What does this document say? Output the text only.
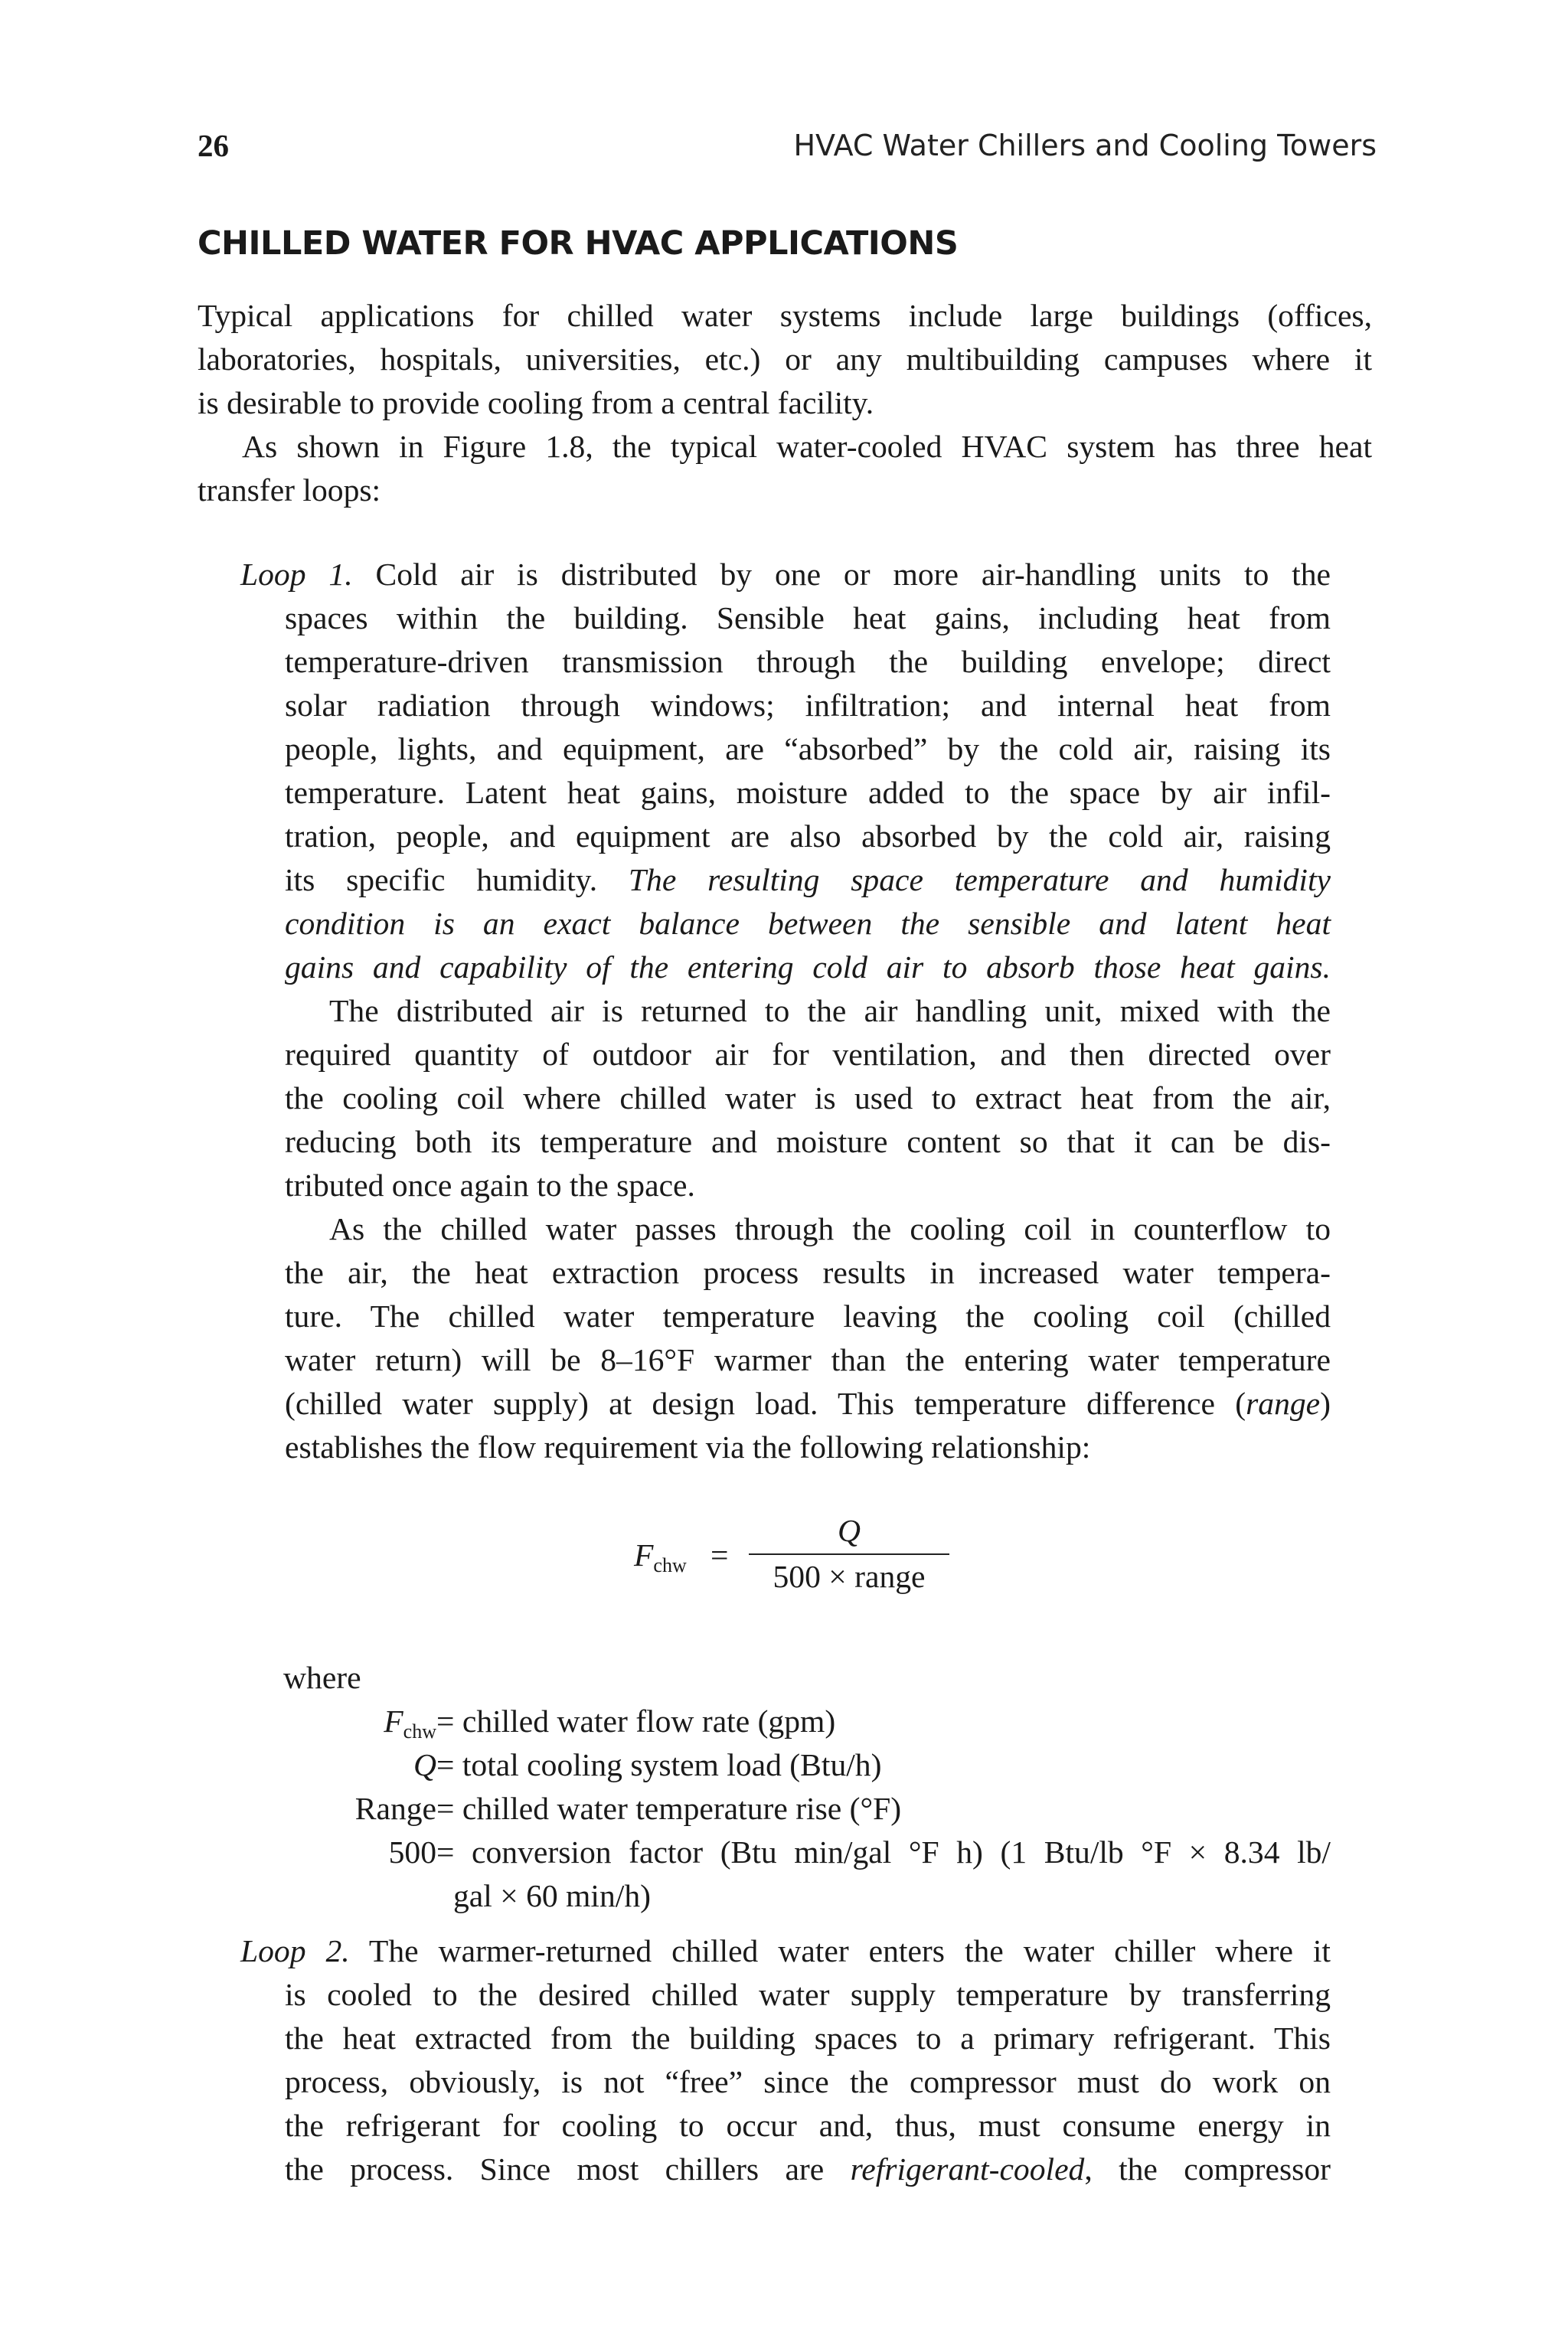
26	HVAC Water Chillers and Cooling Towers
CHILLED WATER FOR HVAC APPLICATIONS
Typical applications for chilled water systems include large buildings (offices,
laboratories, hospitals, universities, etc.) or any multibuilding campuses where it
is desirable to provide cooling from a central facility.
As shown in Figure 1.8, the typical water-cooled HVAC system has three heat
transfer loops:
Loop 1. Cold air is distributed by one or more air-handling units to the
spaces within the building. Sensible heat gains, including heat from
temperature-driven transmission through the building envelope; direct
solar radiation through windows; infiltration; and internal heat from
people, lights, and equipment, are “absorbed” by the cold air, raising its
temperature. Latent heat gains, moisture added to the space by air infil-
tration, people, and equipment are also absorbed by the cold air, raising
its specific humidity. The resulting space temperature and humidity
condition is an exact balance between the sensible and latent heat
gains and capability of the entering cold air to absorb those heat gains.
The distributed air is returned to the air handling unit, mixed with the
required quantity of outdoor air for ventilation, and then directed over
the cooling coil where chilled water is used to extract heat from the air,
reducing both its temperature and moisture content so that it can be dis-
tributed once again to the space.
As the chilled water passes through the cooling coil in counterflow to
the air, the heat extraction process results in increased water tempera-
ture. The chilled water temperature leaving the cooling coil (chilled
water return) will be 8–16°F warmer than the entering water temperature
(chilled water supply) at design load. This temperature difference (range)
establishes the flow requirement via the following relationship:
$F_{chw}$ =
Q
500 × range
where
$F_{chw}$ = chilled water flow rate (gpm)
Q = total cooling system load (Btu/h)
Range = chilled water temperature rise (°F)
500 = conversion factor (Btu min/gal °F h) (1 Btu/lb °F × 8.34 lb/
gal × 60 min/h)
Loop 2. The warmer-returned chilled water enters the water chiller where it
is cooled to the desired chilled water supply temperature by transferring
the heat extracted from the building spaces to a primary refrigerant. This
process, obviously, is not “free” since the compressor must do work on
the refrigerant for cooling to occur and, thus, must consume energy in
the process. Since most chillers are refrigerant-cooled, the compressor
